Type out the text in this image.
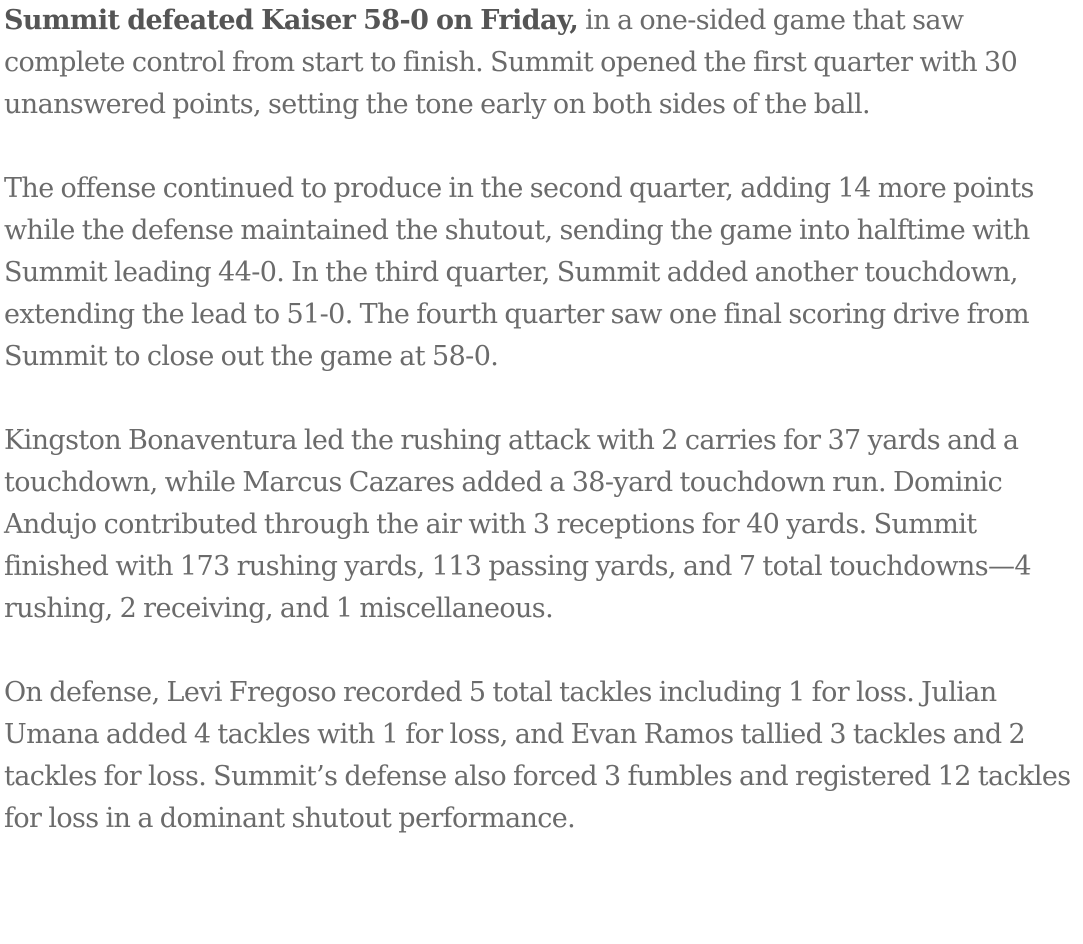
Summit defeated Kaiser 58-0 on Friday, in a one-sided game that saw complete control from start to finish. Summit opened the first quarter with 30 unanswered points, setting the tone early on both sides of the ball.

The offense continued to produce in the second quarter, adding 14 more points while the defense maintained the shutout, sending the game into halftime with Summit leading 44-0. In the third quarter, Summit added another touchdown, extending the lead to 51-0. The fourth quarter saw one final scoring drive from Summit to close out the game at 58-0.

Kingston Bonaventura led the rushing attack with 2 carries for 37 yards and a touchdown, while Marcus Cazares added a 38-yard touchdown run. Dominic Andujo contributed through the air with 3 receptions for 40 yards. Summit finished with 173 rushing yards, 113 passing yards, and 7 total touchdowns—4 rushing, 2 receiving, and 1 miscellaneous.

On defense, Levi Fregoso recorded 5 total tackles including 1 for loss. Julian Umana added 4 tackles with 1 for loss, and Evan Ramos tallied 3 tackles and 2 tackles for loss. Summit’s defense also forced 3 fumbles and registered 12 tackles for loss in a dominant shutout performance.
